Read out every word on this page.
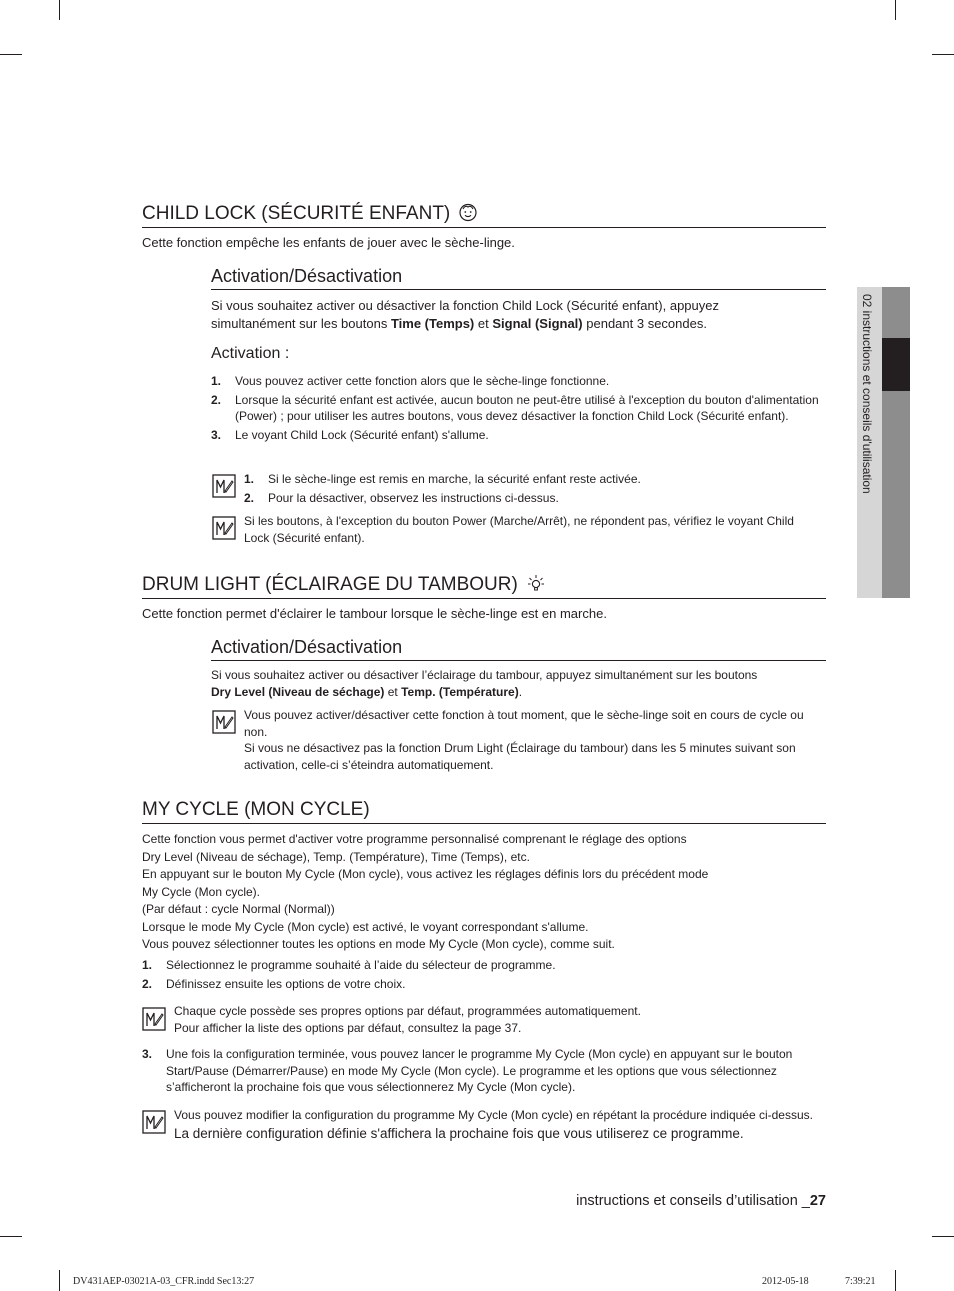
02 instructions et conseils d'utilisation
CHILD LOCK (SÉCURITÉ ENFANT)
Cette fonction empêche les enfants de jouer avec le sèche-linge.
Activation/Désactivation
Si vous souhaitez activer ou désactiver la fonction Child Lock (Sécurité enfant), appuyez
simultanément sur les boutons Time (Temps) et Signal (Signal) pendant 3 secondes.
Activation :
1. Vous pouvez activer cette fonction alors que le sèche-linge fonctionne.
2. Lorsque la sécurité enfant est activée, aucun bouton ne peut-être utilisé à l'exception du bouton d'alimentation (Power) ; pour utiliser les autres boutons, vous devez désactiver la fonction Child Lock (Sécurité enfant).
3. Le voyant Child Lock (Sécurité enfant) s'allume.
1. Si le sèche-linge est remis en marche, la sécurité enfant reste activée.
2. Pour la désactiver, observez les instructions ci-dessus.
Si les boutons, à l'exception du bouton Power (Marche/Arrêt), ne répondent pas, vérifiez le voyant Child Lock (Sécurité enfant).
DRUM LIGHT (ÉCLAIRAGE DU TAMBOUR)
Cette fonction permet d'éclairer le tambour lorsque le sèche-linge est en marche.
Activation/Désactivation
Si vous souhaitez activer ou désactiver l’éclairage du tambour, appuyez simultanément sur les boutons
Dry Level (Niveau de séchage) et Temp. (Température).
Vous pouvez activer/désactiver cette fonction à tout moment, que le sèche-linge soit en cours de cycle ou non.
Si vous ne désactivez pas la fonction Drum Light (Éclairage du tambour) dans les 5 minutes suivant son activation, celle-ci s’éteindra automatiquement.
MY CYCLE (MON CYCLE)
Cette fonction vous permet d'activer votre programme personnalisé comprenant le réglage des options
Dry Level (Niveau de séchage), Temp. (Température), Time (Temps), etc.
En appuyant sur le bouton My Cycle (Mon cycle), vous activez les réglages définis lors du précédent mode
My Cycle (Mon cycle).
(Par défaut : cycle Normal (Normal))
Lorsque le mode My Cycle (Mon cycle) est activé, le voyant correspondant s'allume.
Vous pouvez sélectionner toutes les options en mode My Cycle (Mon cycle), comme suit.
1. Sélectionnez le programme souhaité à l’aide du sélecteur de programme.
2. Définissez ensuite les options de votre choix.
Chaque cycle possède ses propres options par défaut, programmées automatiquement.
Pour afficher la liste des options par défaut, consultez la page 37.
3. Une fois la configuration terminée, vous pouvez lancer le programme My Cycle (Mon cycle) en appuyant sur le bouton Start/Pause (Démarrer/Pause) en mode My Cycle (Mon cycle). Le programme et les options que vous sélectionnez s’afficheront la prochaine fois que vous sélectionnerez My Cycle (Mon cycle).
Vous pouvez modifier la configuration du programme My Cycle (Mon cycle) en répétant la procédure indiquée ci-dessus.
La dernière configuration définie s'affichera la prochaine fois que vous utiliserez ce programme.
instructions et conseils d’utilisation _27
DV431AEP-03021A-03_CFR.indd Sec13:27	2012-05-18	7:39:21
